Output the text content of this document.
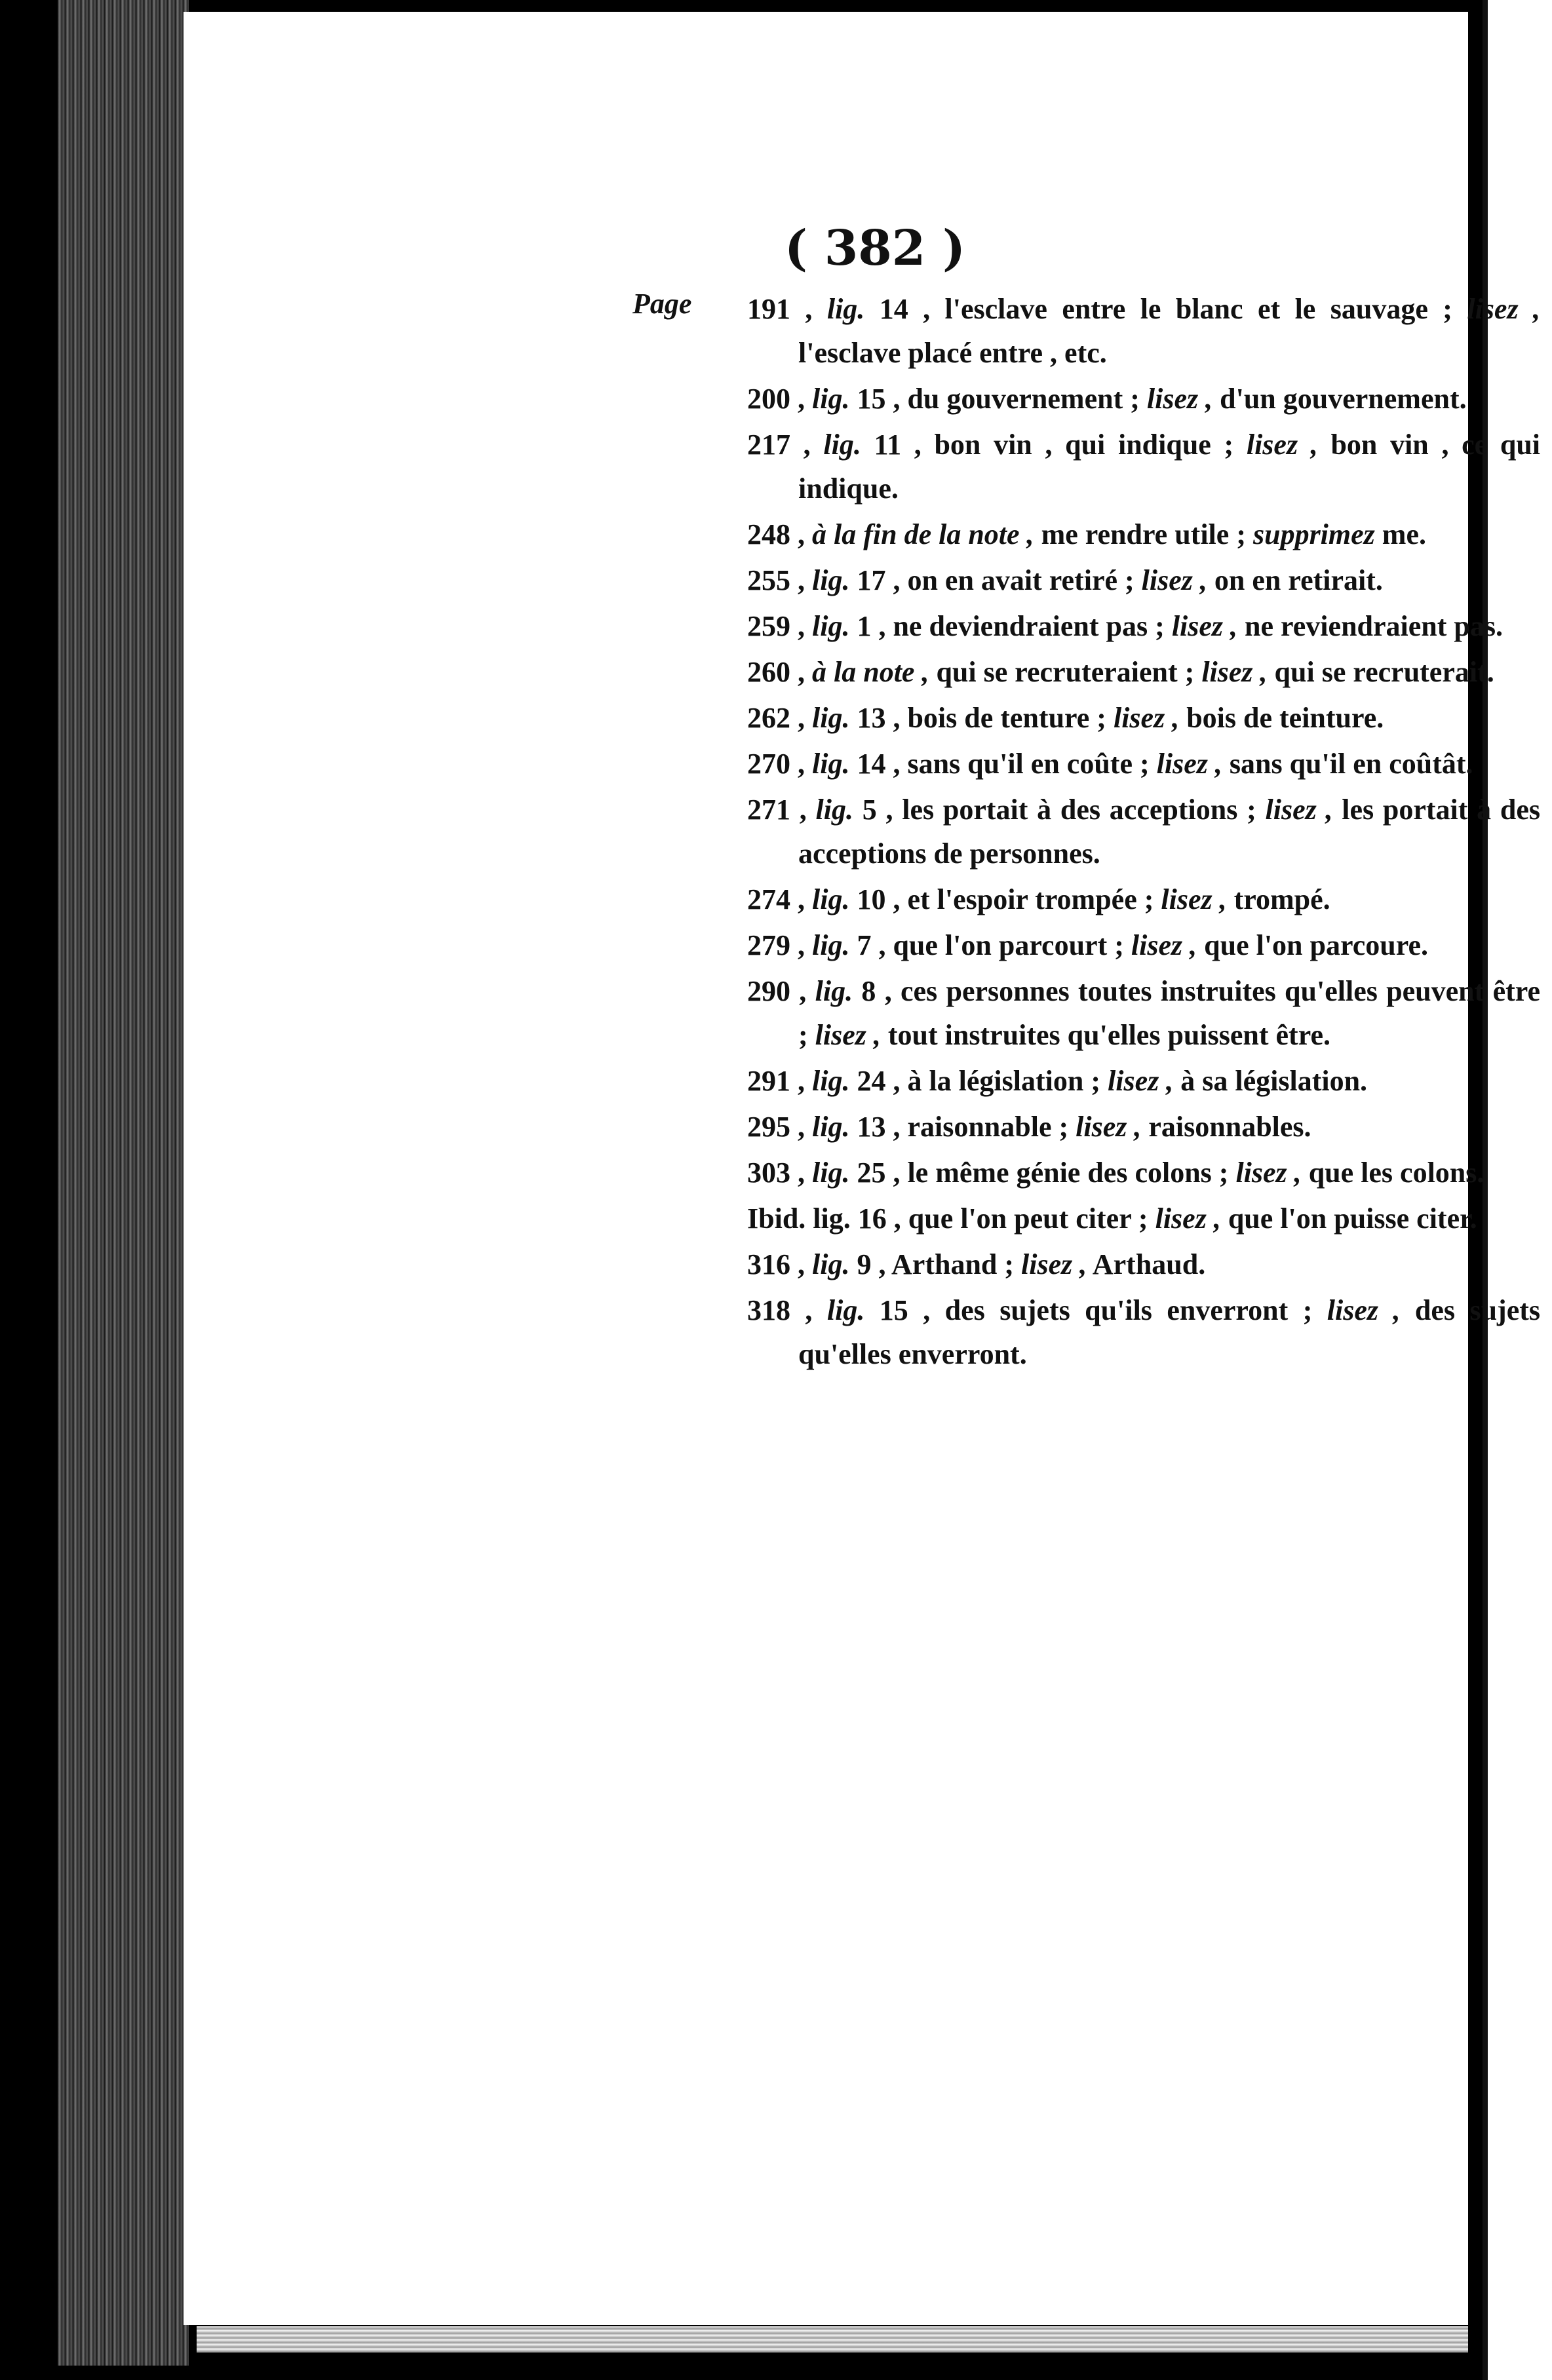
( 382 )
Page 191 , lig. 14 , l'esclave entre le blanc et le sauvage ; lisez , l'esclave placé entre , etc.
200 , lig. 15 , du gouvernement ; lisez , d'un gouvernement.
217 , lig. 11 , bon vin , qui indique ; lisez , bon vin , ce qui indique.
248 , à la fin de la note , me rendre utile ; supprimez me.
255 , lig. 17 , on en avait retiré ; lisez , on en retirait.
259 , lig. 1 , ne deviendraient pas ; lisez , ne reviendraient pas.
260 , à la note , qui se recruteraient ; lisez , qui se recruterait.
262 , lig. 13 , bois de tenture ; lisez , bois de teinture.
270 , lig. 14 , sans qu'il en coûte ; lisez , sans qu'il en coûtât.
271 , lig. 5 , les portait à des acceptions ; lisez , les portait à des acceptions de personnes.
274 , lig. 10 , et l'espoir trompée ; lisez , trompé.
279 , lig. 7 , que l'on parcourt ; lisez , que l'on parcoure.
290 , lig. 8 , ces personnes toutes instruites qu'elles peuvent être ; lisez , tout instruites qu'elles puissent être.
291 , lig. 24 , à la législation ; lisez , à sa législation.
295 , lig. 13 , raisonnable ; lisez , raisonnables.
303 , lig. 25 , le même génie des colons ; lisez , que les colons.
Ibid. lig. 16 , que l'on peut citer ; lisez , que l'on puisse citer.
316 , lig. 9 , Arthand ; lisez , Arthaud.
318 , lig. 15 , des sujets qu'ils enverront ; lisez , des sujets qu'elles enverront.
